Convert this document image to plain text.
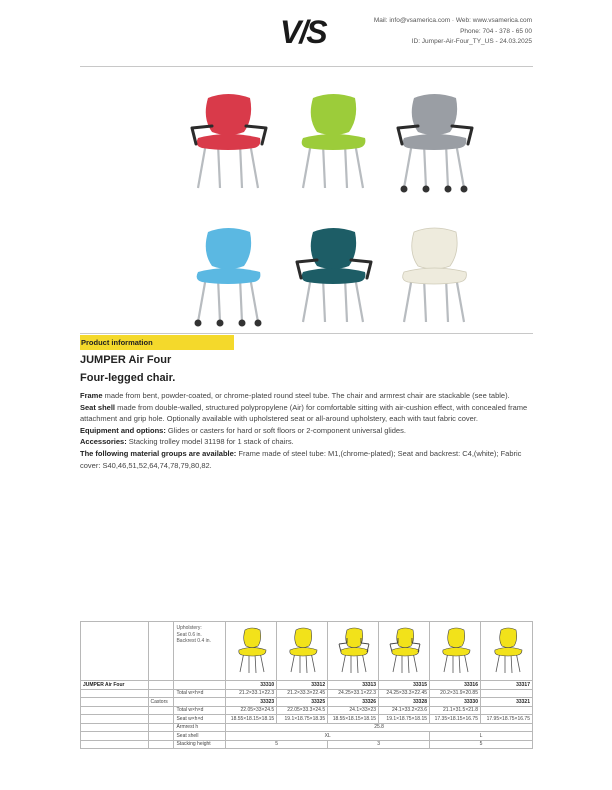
V/S	Mail: info@vsamerica.com · Web: www.vsamerica.com
Phone: 704 - 378 - 65 00
ID: Jumper-Air-Four_TY_US - 24.03.2025
Product information
JUMPER Air Four
Four-legged chair.

Frame made from bent, powder-coated, or chrome-plated round steel tube. The chair and armrest chair are stackable (see table).

Seat shell made from double-walled, structured polypropylene (Air) for comfortable sitting with air-cushion effect, with concealed frame attachment and grip hole. Optionally available with upholstered seat or all-around upholstery, each with taut fabric cover.

Equipment and options: Glides or casters for hard or soft floors or 2-component universal glides.

Accessories: Stacking trolley model 31198 for 1 stack of chairs.

The following material groups are available: Frame made of steel tube: M1,(chrome-plated); Seat and backrest: C4,(white); Fabric cover: S40,46,51,52,64,74,78,79,80,82.

		Upholstery:
Seat 0.6 in.
Backrest 0.4 in.

JUMPER Air Four			33310	33312	33313	33315	33316	33317
		Total w×h×d	21.2×33.1×22.3	21.2×33.3×22.45	24.25×33.1×22.3	24.25×33.3×22.45	20.2×31.9×20.85	
	Castors		33323	33325	33326	33328	33330	33321
		Total w×h×d	22.05×33×24.5	22.05×33.3×24.5	24.1×33×23	24.1×33.2×23.6	21.1×31.5×21.8	
		Seat w×h×d	18.55×18.15×18.15	19.1×18.75×18.35	18.55×18.15×18.15	19.1×18.75×18.15	17.35×18.15×16.75	17.95×18.75×16.75
		Armrest h	25.8					
		Seat shell	XL				L	
		Stacking height	5		3		5	
